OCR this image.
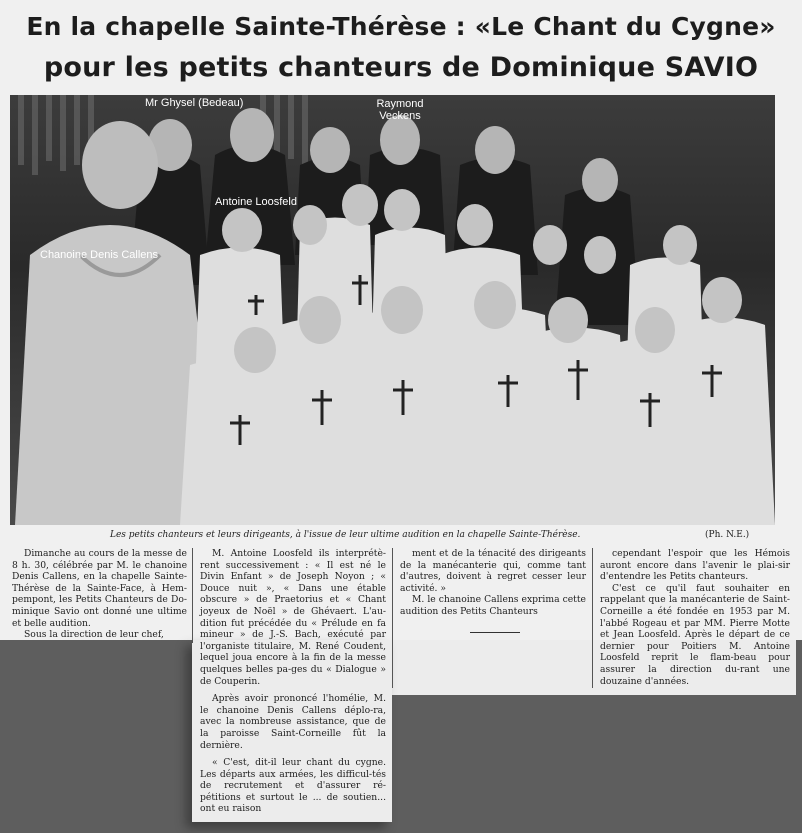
En la chapelle Sainte-Thérèse : «Le Chant du Cygne»
pour les petits chanteurs de Dominique SAVIO
Mr Ghysel (Bedeau)	Raymond Veckens
Antoine Loosfeld
Chanoine Denis Callens
Les petits chanteurs et leurs dirigeants, à l'issue de leur ultime audition en la chapelle Sainte-Thérèse.	(Ph. N.E.)

Dimanche au cours de la messe de 8 h. 30, célébrée par M. le chanoine Denis Callens, en la chapelle Sainte-Thérèse de la Sainte-Face, à Hem-pempont, les Petits Chanteurs de Do-minique Savio ont donné une ultime et belle audition.

Sous la direction de leur chef,

M. Antoine Loosfeld ils interprétè-rent successivement : « Il est né le Divin Enfant » de Joseph Noyon ; « Douce nuit », « Dans une étable obscure » de Praetorius et « Chant joyeux de Noël » de Ghévaert. L'au-dition fut précédée du « Prélude en fa mineur » de J.-S. Bach, exécuté par l'organiste titulaire, M. René Coudent, lequel joua encore à la fin de la messe quelques belles pa-ges du « Dialogue » de Couperin.

Après avoir prononcé l'homélie, M. le chanoine Denis Callens déplo-ra, avec la nombreuse assistance, que de la paroisse Saint-Corneille fût la dernière.

« C'est, dit-il leur chant du cygne. Les départs aux armées, les difficul-tés de recrutement et d'assurer ré-pétitions et surtout le ... de soutien... ont eu raison

ment et de la ténacité des dirigeants de la manécanterie qui, comme tant d'autres, doivent à regret cesser leur activité. »

M. le chanoine Callens exprima cette audition des Petits Chanteurs

cependant l'espoir que les Hémois auront encore dans l'avenir le plai-sir d'entendre les Petits chanteurs.

C'est ce qu'il faut souhaiter en rappelant que la manécanterie de Saint-Corneille a été fondée en 1953 par M. l'abbé Rogeau et par MM. Pierre Motte et Jean Loosfeld. Après le départ de ce dernier pour Poitiers M. Antoine Loosfeld reprit le flam-beau pour assurer la direction du-rant une douzaine d'années.
